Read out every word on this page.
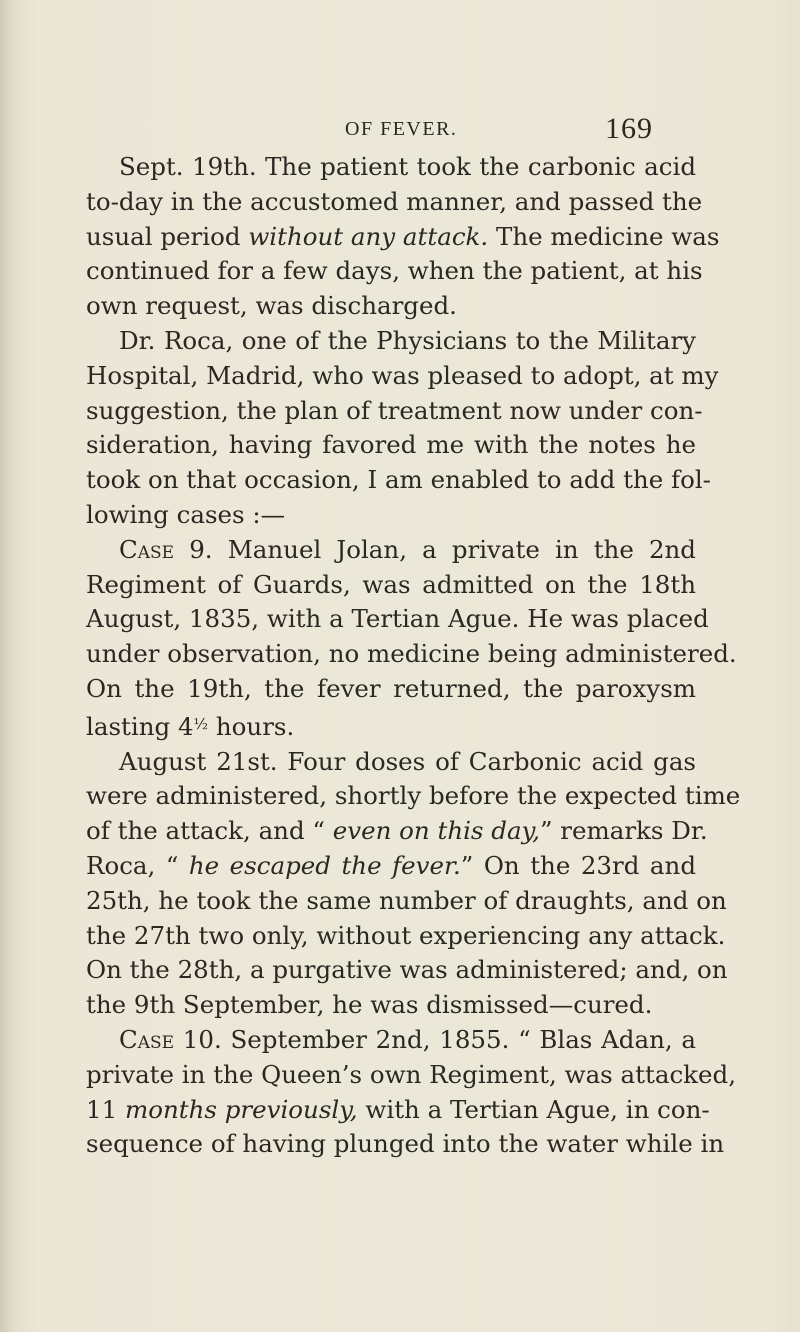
OF FEVER.	169
Sept. 19th. The patient took the carbonic acid
to-day in the accustomed manner, and passed the
usual period without any attack. The medicine was
continued for a few days, when the patient, at his
own request, was discharged.
Dr. Roca, one of the Physicians to the Military
Hospital, Madrid, who was pleased to adopt, at my
suggestion, the plan of treatment now under con-
sideration, having favored me with the notes he
took on that occasion, I am enabled to add the fol-
lowing cases :—
Case 9. Manuel Jolan, a private in the 2nd
Regiment of Guards, was admitted on the 18th
August, 1835, with a Tertian Ague. He was placed
under observation, no medicine being administered.
On the 19th, the fever returned, the paroxysm
lasting $4^{\frac{1}{2}}$ hours.
August 21st. Four doses of Carbonic acid gas
were administered, shortly before the expected time
of the attack, and “ even on this day,” remarks Dr.
Roca, “ he escaped the fever.” On the 23rd and
25th, he took the same number of draughts, and on
the 27th two only, without experiencing any attack.
On the 28th, a purgative was administered; and, on
the 9th September, he was dismissed—cured.
Case 10. September 2nd, 1855. “ Blas Adan, a
private in the Queen’s own Regiment, was attacked,
11 months previously, with a Tertian Ague, in con-
sequence of having plunged into the water while in
